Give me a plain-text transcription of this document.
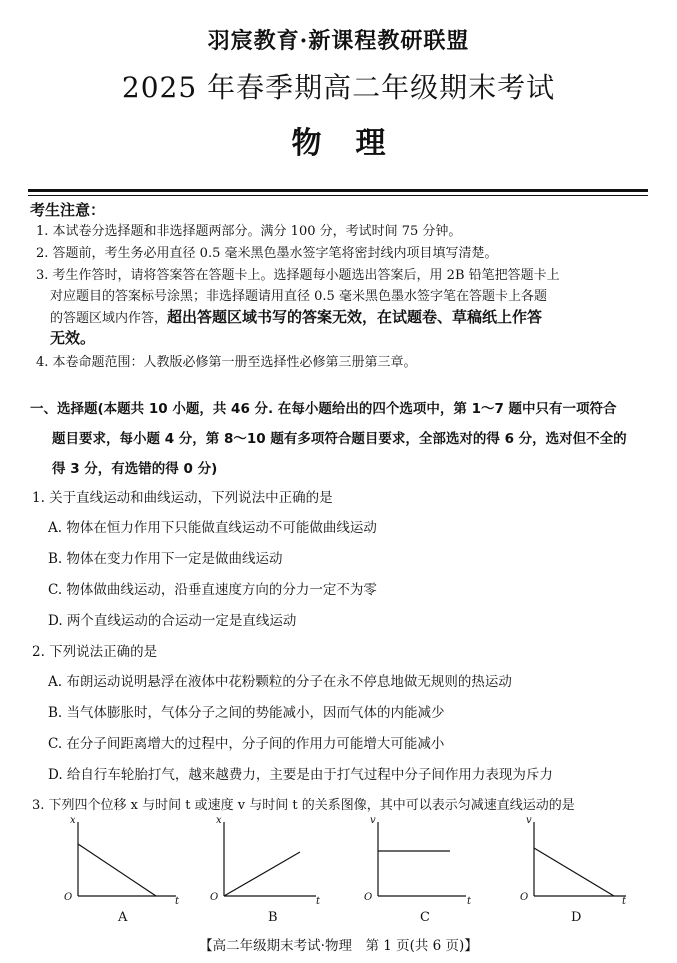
羽宸教育·新课程教研联盟
2025 年春季期高二年级期末考试
物理
考生注意：
1. 本试卷分选择题和非选择题两部分。满分 100 分，考试时间 75 分钟。
2. 答题前，考生务必用直径 0.5 毫米黑色墨水签字笔将密封线内项目填写清楚。
3. 考生作答时，请将答案答在答题卡上。选择题每小题选出答案后，用 2B 铅笔把答题卡上
对应题目的答案标号涂黑；非选择题请用直径 0.5 毫米黑色墨水签字笔在答题卡上各题
的答题区域内作答，超出答题区域书写的答案无效，在试题卷、草稿纸上作答
无效。
4. 本卷命题范围：人教版必修第一册至选择性必修第三册第三章。
一、选择题(本题共 10 小题，共 46 分. 在每小题给出的四个选项中，第 1～7 题中只有一项符合
题目要求，每小题 4 分，第 8～10 题有多项符合题目要求，全部选对的得 6 分，选对但不全的
得 3 分，有选错的得 0 分)
1. 关于直线运动和曲线运动，下列说法中正确的是
A. 物体在恒力作用下只能做直线运动不可能做曲线运动
B. 物体在变力作用下一定是做曲线运动
C. 物体做曲线运动，沿垂直速度方向的分力一定不为零
D. 两个直线运动的合运动一定是直线运动
2. 下列说法正确的是
A. 布朗运动说明悬浮在液体中花粉颗粒的分子在永不停息地做无规则的热运动
B. 当气体膨胀时，气体分子之间的势能减小，因而气体的内能减少
C. 在分子间距离增大的过程中，分子间的作用力可能增大可能减小
D. 给自行车轮胎打气，越来越费力，主要是由于打气过程中分子间作用力表现为斥力
3. 下列四个位移 x 与时间 t 或速度 v 与时间 t 的关系图像，其中可以表示匀减速直线运动的是
x
t
O
A
x
t
O
B
v
t
O
C
v
t
O
D
【高二年级期末考试·物理　第 1 页(共 6 页)】
